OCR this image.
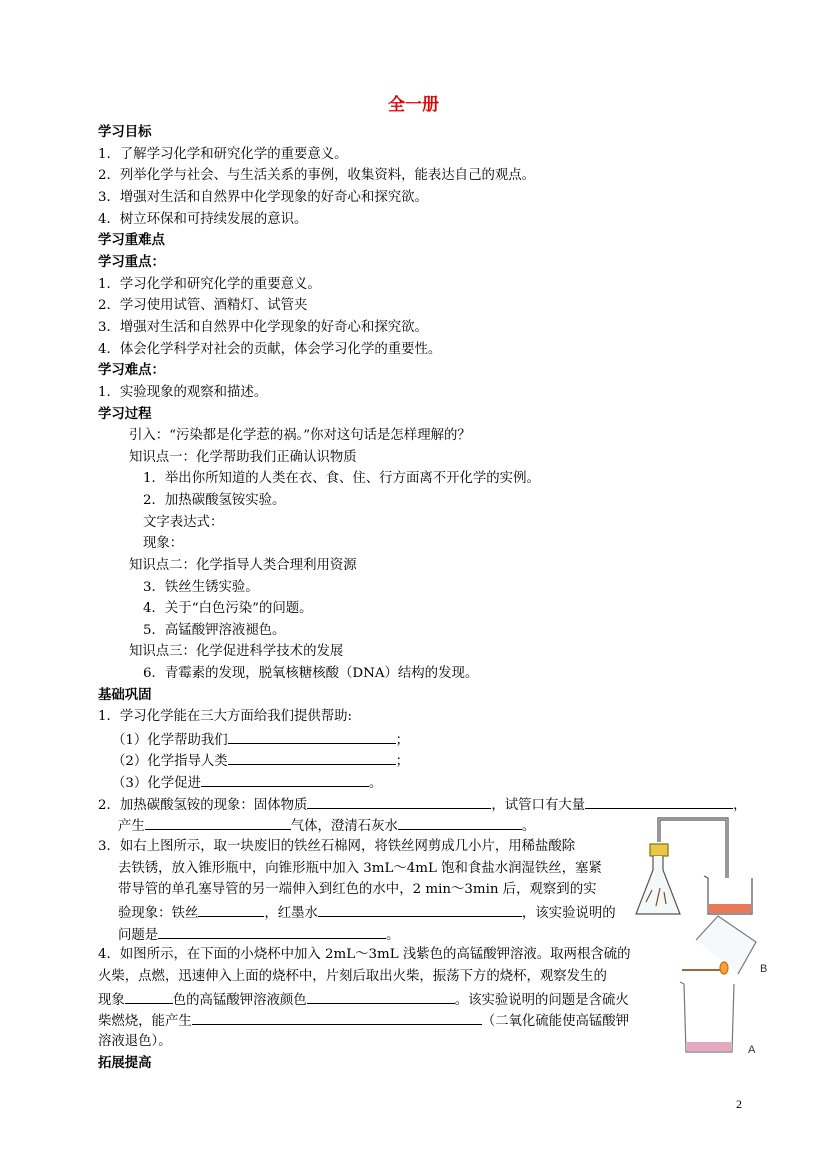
全一册
学习目标
1．了解学习化学和研究化学的重要意义。
2．列举化学与社会、与生活关系的事例，收集资料，能表达自己的观点。
3．增强对生活和自然界中化学现象的好奇心和探究欲。
4．树立环保和可持续发展的意识。
学习重难点
学习重点：
1．学习化学和研究化学的重要意义。
2．学习使用试管、酒精灯、试管夹
3．增强对生活和自然界中化学现象的好奇心和探究欲。
4．体会化学科学对社会的贡献，体会学习化学的重要性。
学习难点：
1．实验现象的观察和描述。
学习过程
引入：“污染都是化学惹的祸。”你对这句话是怎样理解的？
知识点一：化学帮助我们正确认识物质
1．举出你所知道的人类在衣、食、住、行方面离不开化学的实例。
2．加热碳酸氢铵实验。
文字表达式：
现象：
知识点二：化学指导人类合理利用资源
3．铁丝生锈实验。
4．关于“白色污染”的问题。
5．高锰酸钾溶液褪色。
知识点三：化学促进科学技术的发展
6．青霉素的发现，脱氧核糖核酸（DNA）结构的发现。
基础巩固
1．学习化学能在三大方面给我们提供帮助:
（1）化学帮助我们	；
（2）化学指导人类	；
（3）化学促进	。
2．加热碳酸氢铵的现象：固体物质	，试管口有大量	，
产生	气体，澄清石灰水	。
3．如右上图所示，取一块废旧的铁丝石棉网，将铁丝网剪成几小片，用稀盐酸除
去铁锈，放入锥形瓶中，向锥形瓶中加入 3mL～4mL 饱和食盐水润湿铁丝，塞紧
带导管的单孔塞导管的另一端伸入到红色的水中，2 min～3min 后，观察到的实
验现象：铁丝	，红墨水	，该实验说明的
问题是	。
4．如图所示，在下面的小烧杯中加入 2mL～3mL 浅紫色的高锰酸钾溶液。取两根含硫的
火柴，点燃，迅速伸入上面的烧杯中，片刻后取出火柴，振荡下方的烧杯，观察发生的
现象	色的高锰酸钾溶液颜色	。该实验说明的问题是含硫火
柴燃烧，能产生	（二氧化硫能使高锰酸钾
溶液退色）。
拓展提高
B
A
2
